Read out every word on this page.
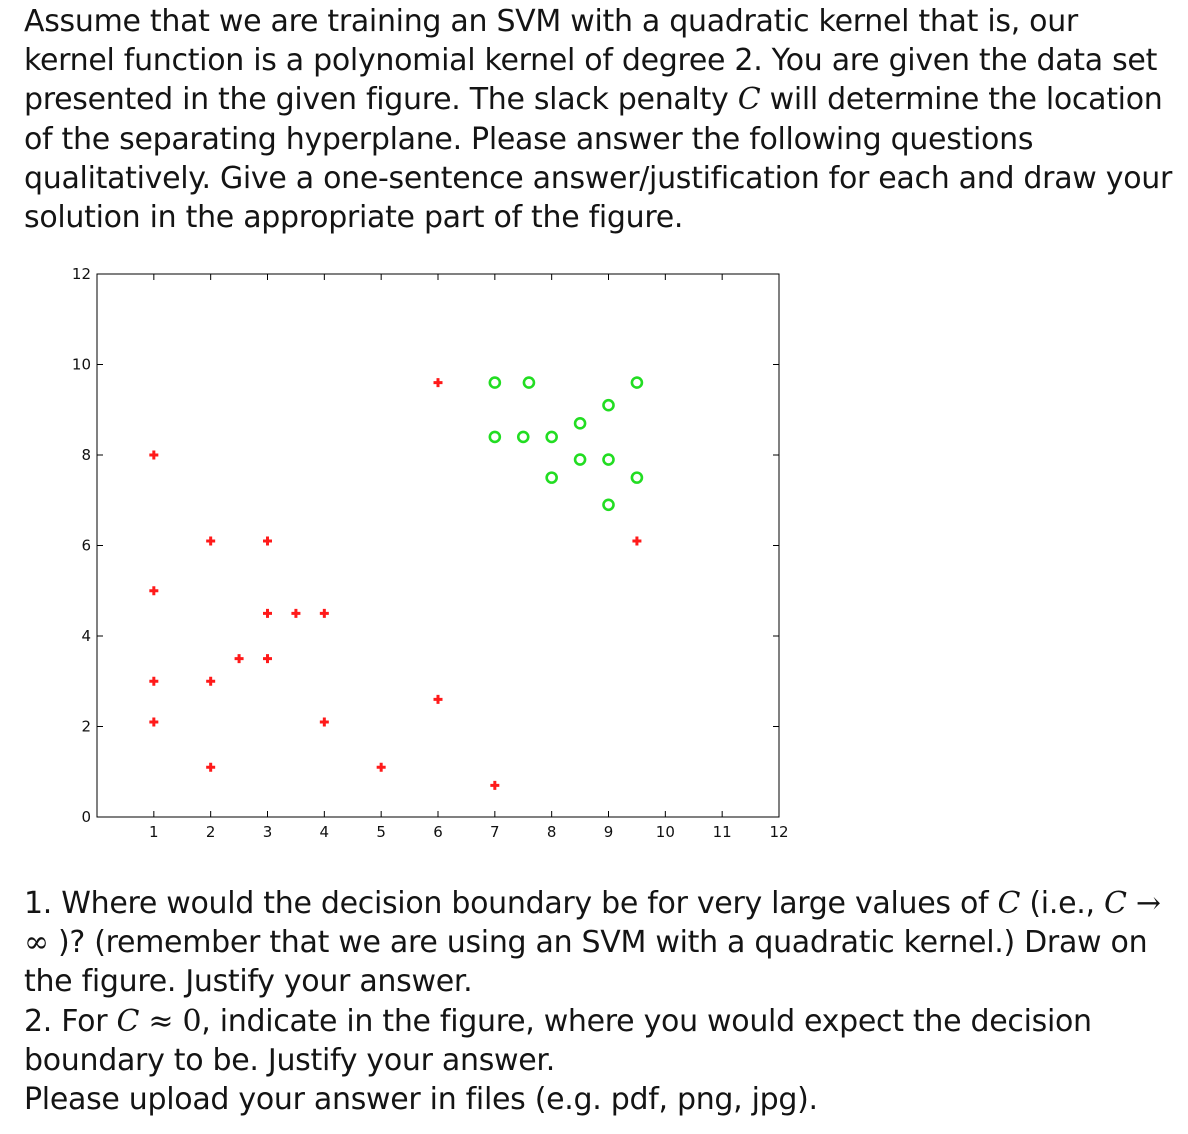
Assume that we are training an SVM with a quadratic kernel that is, our kernel function is a polynomial kernel of degree 2. You are given the data set presented in the given figure. The slack penalty C will determine the location of the separating hyperplane. Please answer the following questions qualitatively. Give a one-sentence answer/justification for each and draw your solution in the appropriate part of the figure.

1	2	3	4	5	6	7	8	9	10	11	12
0
2
4
6
8
10
12

1. Where would the decision boundary be for very large values of C (i.e., C → ∞ )? (remember that we are using an SVM with a quadratic kernel.) Draw on the figure. Justify your answer.
2. For C ≈ 0, indicate in the figure, where you would expect the decision boundary to be. Justify your answer.
Please upload your answer in files (e.g. pdf, png, jpg).
